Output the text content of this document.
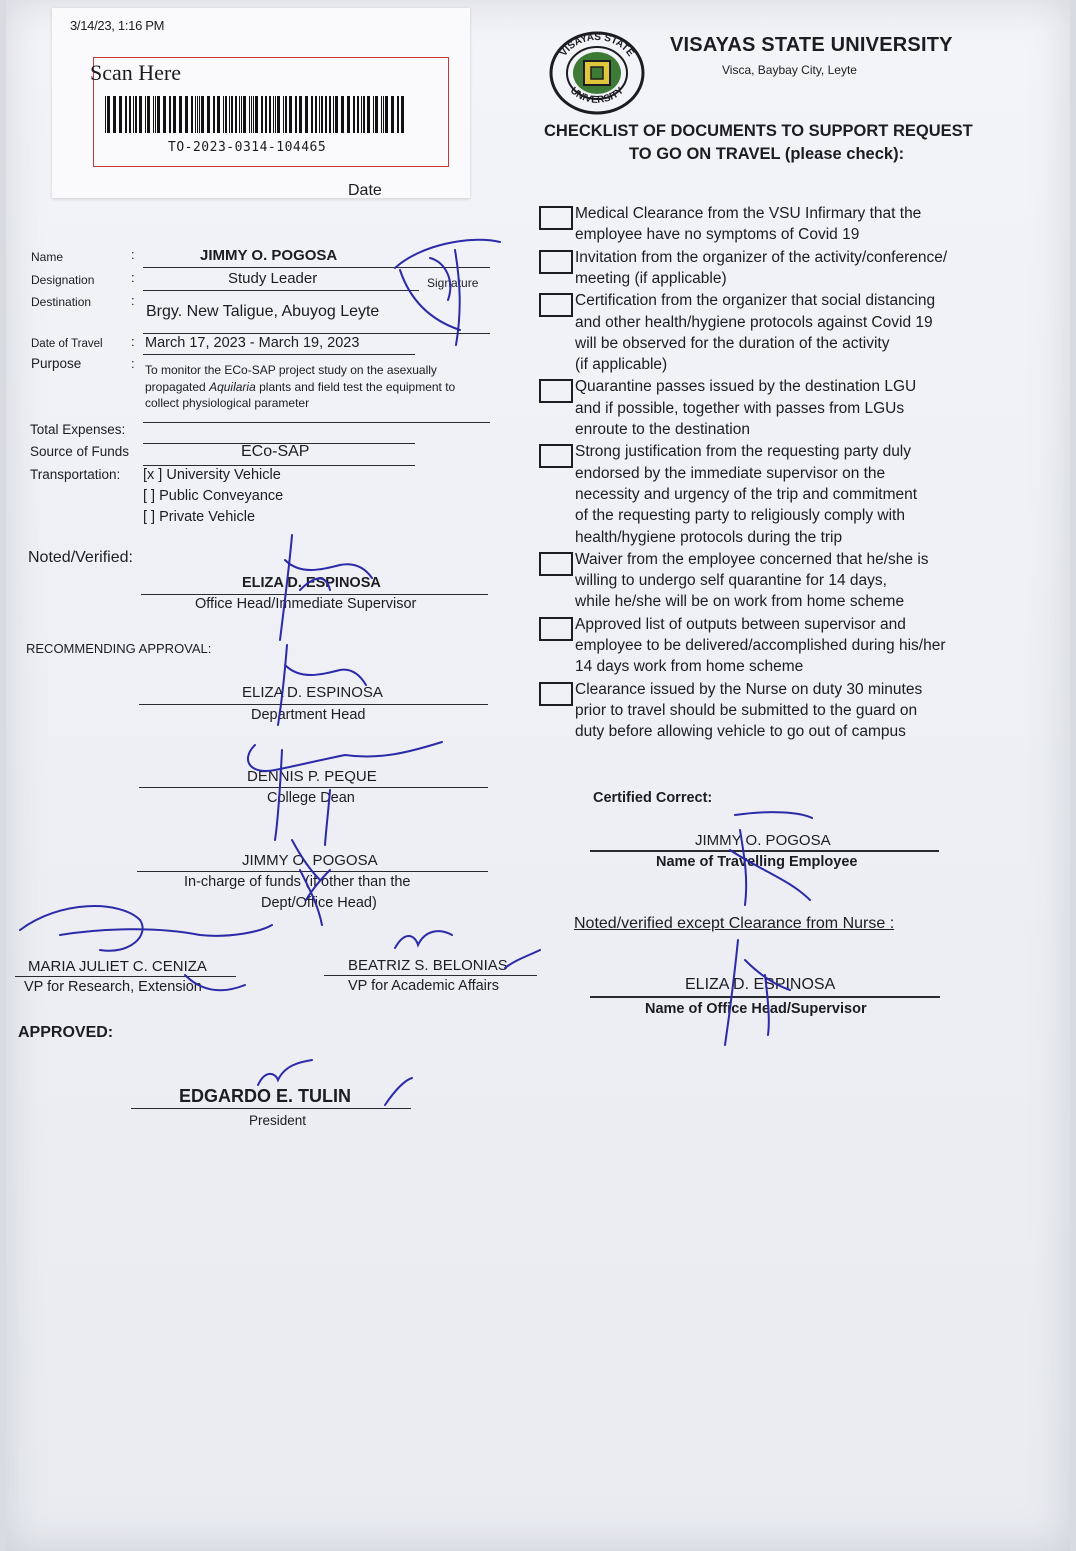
3/14/23, 1:16 PM
Scan Here
TO-2023-0314-104465
Date
VISAYAS STATE
UNIVERSITY
VISAYAS STATE UNIVERSITY
Visca, Baybay City, Leyte
CHECKLIST OF DOCUMENTS TO SUPPORT REQUEST
TO GO ON TRAVEL (please check):
Name	:	JIMMY O. POGOSA
Designation	:	Study Leader	Signature
Destination	:
Brgy. New Taligue, Abuyog Leyte
Date of Travel : March 17, 2023 - March 19, 2023
Purpose	: To monitor the ECo-SAP project study on the asexually
propagated Aquilaria plants and field test the equipment to
collect physiological parameter
Total Expenses:
Source of Funds	ECo-SAP
Transportation: [x ] University Vehicle
[ ] Public Conveyance
[ ] Private Vehicle
Noted/Verified:
ELIZA D. ESPINOSA
Office Head/Immediate Supervisor
RECOMMENDING APPROVAL:
ELIZA D. ESPINOSA
Department Head
DENNIS P. PEQUE
College Dean
JIMMY O. POGOSA
In-charge of funds (if other than the
Dept/Office Head)
MARIA JULIET C. CENIZA
VP for Research, Extension
BEATRIZ S. BELONIAS
VP for Academic Affairs
APPROVED:
EDGARDO E. TULIN
President
Medical Clearance from the VSU Infirmary that the
employee have no symptoms of Covid 19
Invitation from the organizer of the activity/conference/
meeting (if applicable)
Certification from the organizer that social distancing
and other health/hygiene protocols against Covid 19
will be observed for the duration of the activity
(if applicable)
Quarantine passes issued by the destination LGU
and if possible, together with passes from LGUs
enroute to the destination
Strong justification from the requesting party duly
endorsed by the immediate supervisor on the
necessity and urgency of the trip and commitment
of the requesting party to religiously comply with
health/hygiene protocols during the trip
Waiver from the employee concerned that he/she is
willing to undergo self quarantine for 14 days,
while he/she will be on work from home scheme
Approved list of outputs between supervisor and
employee to be delivered/accomplished during his/her
14 days work from home scheme
Clearance issued by the Nurse on duty 30 minutes
prior to travel should be submitted to the guard on
duty before allowing vehicle to go out of campus
Certified Correct:
JIMMY O. POGOSA
Name of Travelling Employee
Noted/verified except Clearance from Nurse :
ELIZA D. ESPINOSA
Name of Office Head/Supervisor
